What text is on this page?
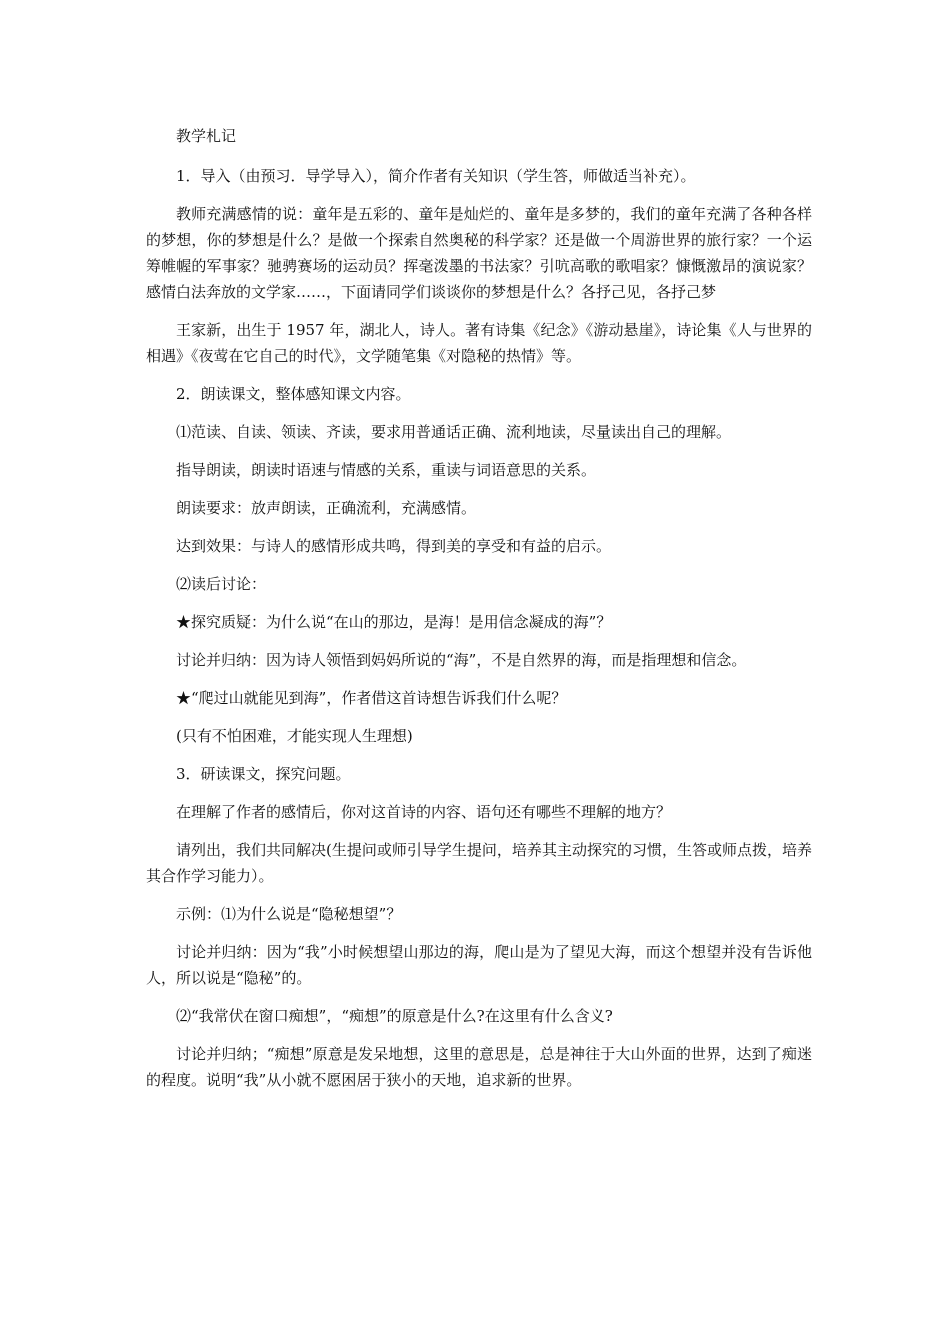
教学札记

1．导入（由预习．导学导入），简介作者有关知识（学生答，师做适当补充）。

教师充满感情的说：童年是五彩的、童年是灿烂的、童年是多梦的，我们的童年充满了各种各样的梦想，你的梦想是什么？是做一个探索自然奥秘的科学家？还是做一个周游世界的旅行家？一个运筹帷幄的军事家？驰骋赛场的运动员？挥毫泼墨的书法家？引吭高歌的歌唱家？慷慨激昂的演说家？感情白法奔放的文学家……，下面请同学们谈谈你的梦想是什么？各抒己见，各抒己梦

王家新，出生于 1957 年，湖北人，诗人。著有诗集《纪念》《游动悬崖》，诗论集《人与世界的相遇》《夜莺在它自己的时代》，文学随笔集《对隐秘的热情》等。

2．朗读课文，整体感知课文内容。

⑴范读、自读、领读、齐读，要求用普通话正确、流利地读，尽量读出自己的理解。

指导朗读，朗读时语速与情感的关系，重读与词语意思的关系。

朗读要求：放声朗读，正确流利，充满感情。

达到效果：与诗人的感情形成共鸣，得到美的享受和有益的启示。

⑵读后讨论：

★探究质疑：为什么说“在山的那边，是海！是用信念凝成的海”？

讨论并归纳：因为诗人领悟到妈妈所说的“海”，不是自然界的海，而是指理想和信念。

★“爬过山就能见到海”，作者借这首诗想告诉我们什么呢？

(只有不怕困难，才能实现人生理想)

3．研读课文，探究问题。

在理解了作者的感情后，你对这首诗的内容、语句还有哪些不理解的地方？

请列出，我们共同解决(生提问或师引导学生提问，培养其主动探究的习惯，生答或师点拨，培养其合作学习能力）。

示例：⑴为什么说是“隐秘想望”？

讨论并归纳：因为“我”小时候想望山那边的海，爬山是为了望见大海，而这个想望并没有告诉他人，所以说是“隐秘”的。

⑵“我常伏在窗口痴想”，“痴想”的原意是什么?在这里有什么含义?

讨论并归纳；“痴想”原意是发呆地想，这里的意思是，总是神往于大山外面的世界，达到了痴迷的程度。说明“我”从小就不愿困居于狭小的天地，追求新的世界。
